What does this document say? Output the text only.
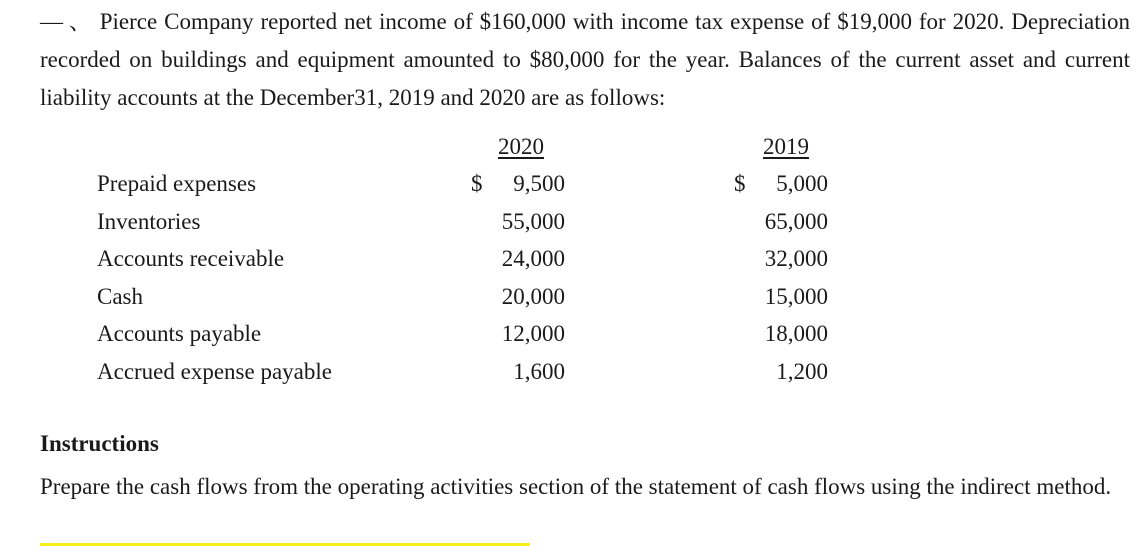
— 、 Pierce Company reported net income of $160,000 with income tax expense of $19,000 for 2020. Depreciation recorded on buildings and equipment amounted to $80,000 for the year. Balances of the current asset and current liability accounts at the December31, 2019 and 2020 are as follows:
2020	2019
Prepaid expenses	$	9,500	$	5,000
Inventories	55,000	65,000
Accounts receivable	24,000	32,000
Cash	20,000	15,000
Accounts payable	12,000	18,000
Accrued expense payable	1,600	1,200
Instructions
Prepare the cash flows from the operating activities section of the statement of cash flows using the indirect method.
